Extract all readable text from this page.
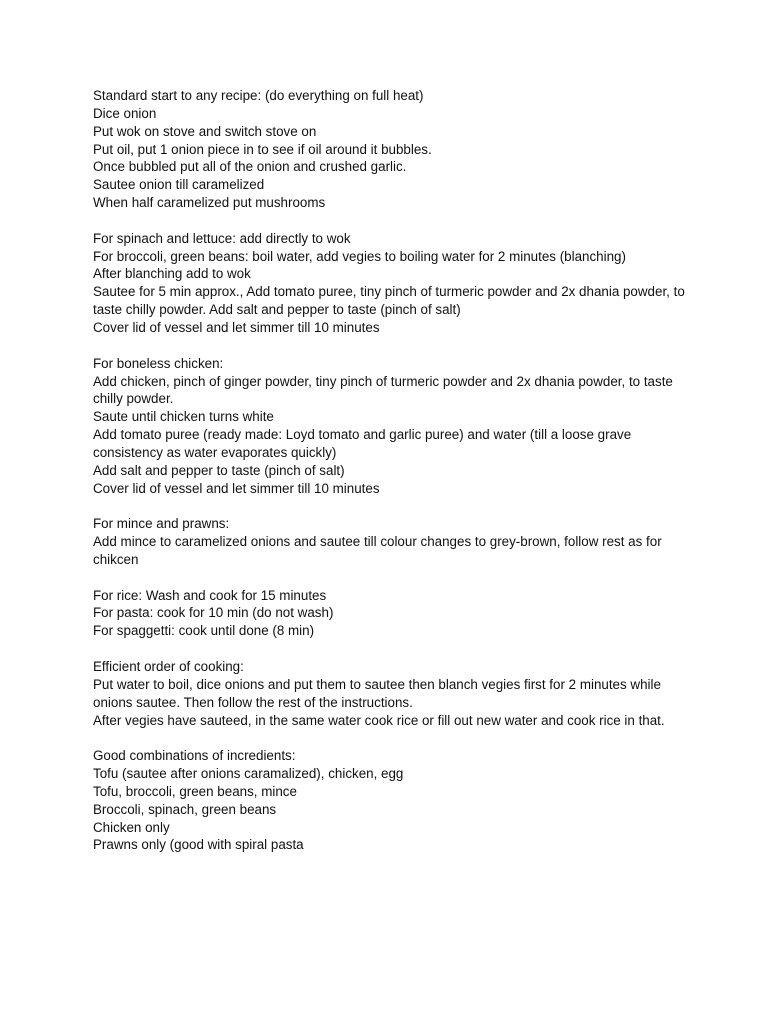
Standard start to any recipe: (do everything on full heat)
Dice onion
Put wok on stove and switch stove on
Put oil, put 1 onion piece in to see if oil around it bubbles.
Once bubbled put all of the onion and crushed garlic.
Sautee onion till caramelized
When half caramelized put mushrooms
For spinach and lettuce: add directly to wok
For broccoli, green beans: boil water, add vegies to boiling water for 2 minutes (blanching)
After blanching add to wok
Sautee for 5 min approx., Add tomato puree, tiny pinch of turmeric powder and 2x dhania powder, to taste chilly powder. Add salt and pepper to taste (pinch of salt)
Cover lid of vessel and let simmer till 10 minutes
For boneless chicken:
Add chicken, pinch of ginger powder, tiny pinch of turmeric powder and 2x dhania powder, to taste chilly powder.
Saute until chicken turns white
Add tomato puree (ready made: Loyd tomato and garlic puree) and water (till a loose grave consistency as water evaporates quickly)
Add salt and pepper to taste (pinch of salt)
Cover lid of vessel and let simmer till 10 minutes
For mince and prawns:
Add mince to caramelized onions and sautee till colour changes to grey-brown, follow rest as for chikcen
For rice: Wash and cook for 15 minutes
For pasta: cook for 10 min (do not wash)
For spaggetti: cook until done (8 min)
Efficient order of cooking:
Put water to boil, dice onions and put them to sautee then blanch vegies first for 2 minutes while onions sautee. Then follow the rest of the instructions.
After vegies have sauteed, in the same water cook rice or fill out new water and cook rice in that.
Good combinations of incredients:
Tofu (sautee after onions caramalized), chicken, egg
Tofu, broccoli, green beans, mince
Broccoli, spinach, green beans
Chicken only
Prawns only (good with spiral pasta
